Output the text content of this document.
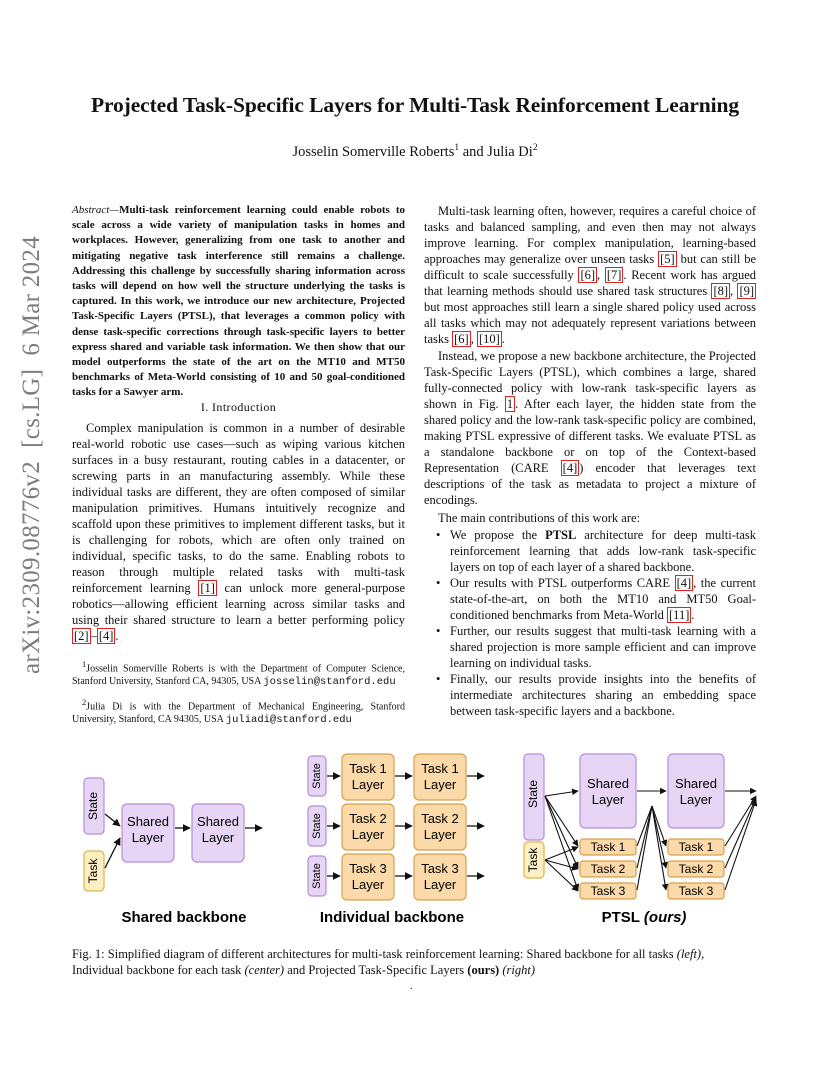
Projected Task-Specific Layers for Multi-Task Reinforcement Learning
Josselin Somerville Roberts$^1$ and Julia Di$^2$
arXiv:2309.08776v2  [cs.LG]  6 Mar 2024
Abstract—Multi-task reinforcement learning could enable robots to scale across a wide variety of manipulation tasks in homes and workplaces. However, generalizing from one task to another and mitigating negative task interference still remains a challenge. Addressing this challenge by successfully sharing information across tasks will depend on how well the structure underlying the tasks is captured. In this work, we introduce our new architecture, Projected Task-Specific Layers (PTSL), that leverages a common policy with dense task-specific corrections through task-specific layers to better express shared and variable task information. We then show that our model outperforms the state of the art on the MT10 and MT50 benchmarks of Meta-World consisting of 10 and 50 goal-conditioned tasks for a Sawyer arm.
I. Introduction
Complex manipulation is common in a number of desirable real-world robotic use cases—such as wiping various kitchen surfaces in a busy restaurant, routing cables in a datacenter, or screwing parts in an manufacturing assembly. While these individual tasks are different, they are often composed of similar manipulation primitives. Humans intuitively recognize and scaffold upon these primitives to implement different tasks, but it is challenging for robots, which are often only trained on individual, specific tasks, to do the same. Enabling robots to reason through multiple related tasks with multi-task reinforcement learning [1] can unlock more general-purpose robotics—allowing efficient learning across similar tasks and using their shared structure to learn a better performing policy [2] – [4] .
$^1$Josselin Somerville Roberts is with the Department of Computer Science, Stanford University, Stanford CA, 94305, USA josselin@stanford.edu
$^2$Julia Di is with the Department of Mechanical Engineering, Stanford University, Stanford, CA 94305, USA juliadi@stanford.edu
Multi-task learning often, however, requires a careful choice of tasks and balanced sampling, and even then may not always improve learning. For complex manipulation, learning-based approaches may generalize over unseen tasks [5] but can still be difficult to scale successfully [6] , [7] . Recent work has argued that learning methods should use shared task structures [8] , [9] but most approaches still learn a single shared policy used across all tasks which may not adequately represent variations between tasks [6] , [10] .
Instead, we propose a new backbone architecture, the Projected Task-Specific Layers (PTSL), which combines a large, shared fully-connected policy with low-rank task-specific layers as shown in Fig. 1 . After each layer, the hidden state from the shared policy and the low-rank task-specific policy are combined, making PTSL expressive of different tasks. We evaluate PTSL as a standalone backbone or on top of the Context-based Representation (CARE [4] ) encoder that leverages text descriptions of the task as metadata to project a mixture of encodings.
The main contributions of this work are:
• We propose the PTSL architecture for deep multi-task reinforcement learning that adds low-rank task-specific layers on top of each layer of a shared backbone.
• Our results with PTSL outperforms CARE [4] , the current state-of-the-art, on both the MT10 and MT50 Goal-conditioned benchmarks from Meta-World [11] .
• Further, our results suggest that multi-task learning with a shared projection is more sample efficient and can improve learning on individual tasks.
• Finally, our results provide insights into the benefits of intermediate architectures sharing an embedding space between task-specific layers and a backbone.
State
Task
Shared
Layer
Shared
Layer
Shared backbone
State Task 1
Layer
Task 1
Layer
State Task 2
Layer
Task 2
Layer
State Task 3
Layer
Task 3
Layer
Individual backbone
State
Task
Shared
Layer
Shared
Layer
Task 1
Task 2
Task 3
Task 1
Task 2
Task 3
PTSL (ours)
Fig. 1: Simplified diagram of different architectures for multi-task reinforcement learning: Shared backbone for all tasks (left), Individual backbone for each task (center) and Projected Task-Specific Layers (ours) (right)
.
